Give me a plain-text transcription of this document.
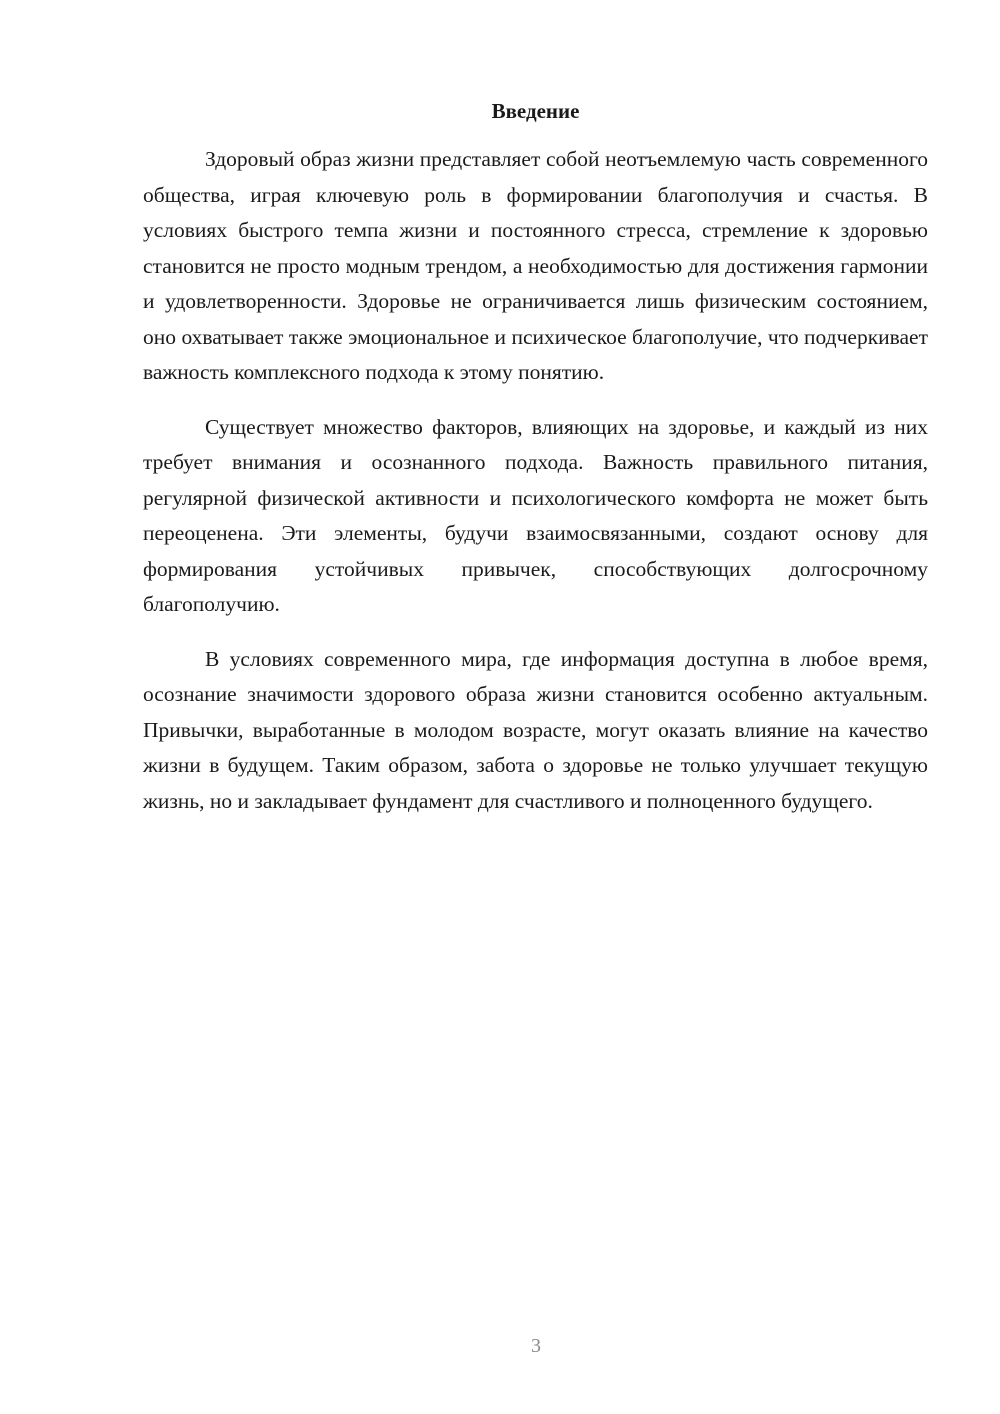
Введение

Здоровый образ жизни представляет собой неотъемлемую часть современного общества, играя ключевую роль в формировании благополучия и счастья. В условиях быстрого темпа жизни и постоянного стресса, стремление к здоровью становится не просто модным трендом, а необходимостью для достижения гармонии и удовлетворенности. Здоровье не ограничивается лишь физическим состоянием, оно охватывает также эмоциональное и психическое благополучие, что подчеркивает важность комплексного подхода к этому понятию.

Существует множество факторов, влияющих на здоровье, и каждый из них требует внимания и осознанного подхода. Важность правильного питания, регулярной физической активности и психологического комфорта не может быть переоценена. Эти элементы, будучи взаимосвязанными, создают основу для формирования устойчивых привычек, способствующих долгосрочному благополучию.

В условиях современного мира, где информация доступна в любое время, осознание значимости здорового образа жизни становится особенно актуальным. Привычки, выработанные в молодом возрасте, могут оказать влияние на качество жизни в будущем. Таким образом, забота о здоровье не только улучшает текущую жизнь, но и закладывает фундамент для счастливого и полноценного будущего.

3
